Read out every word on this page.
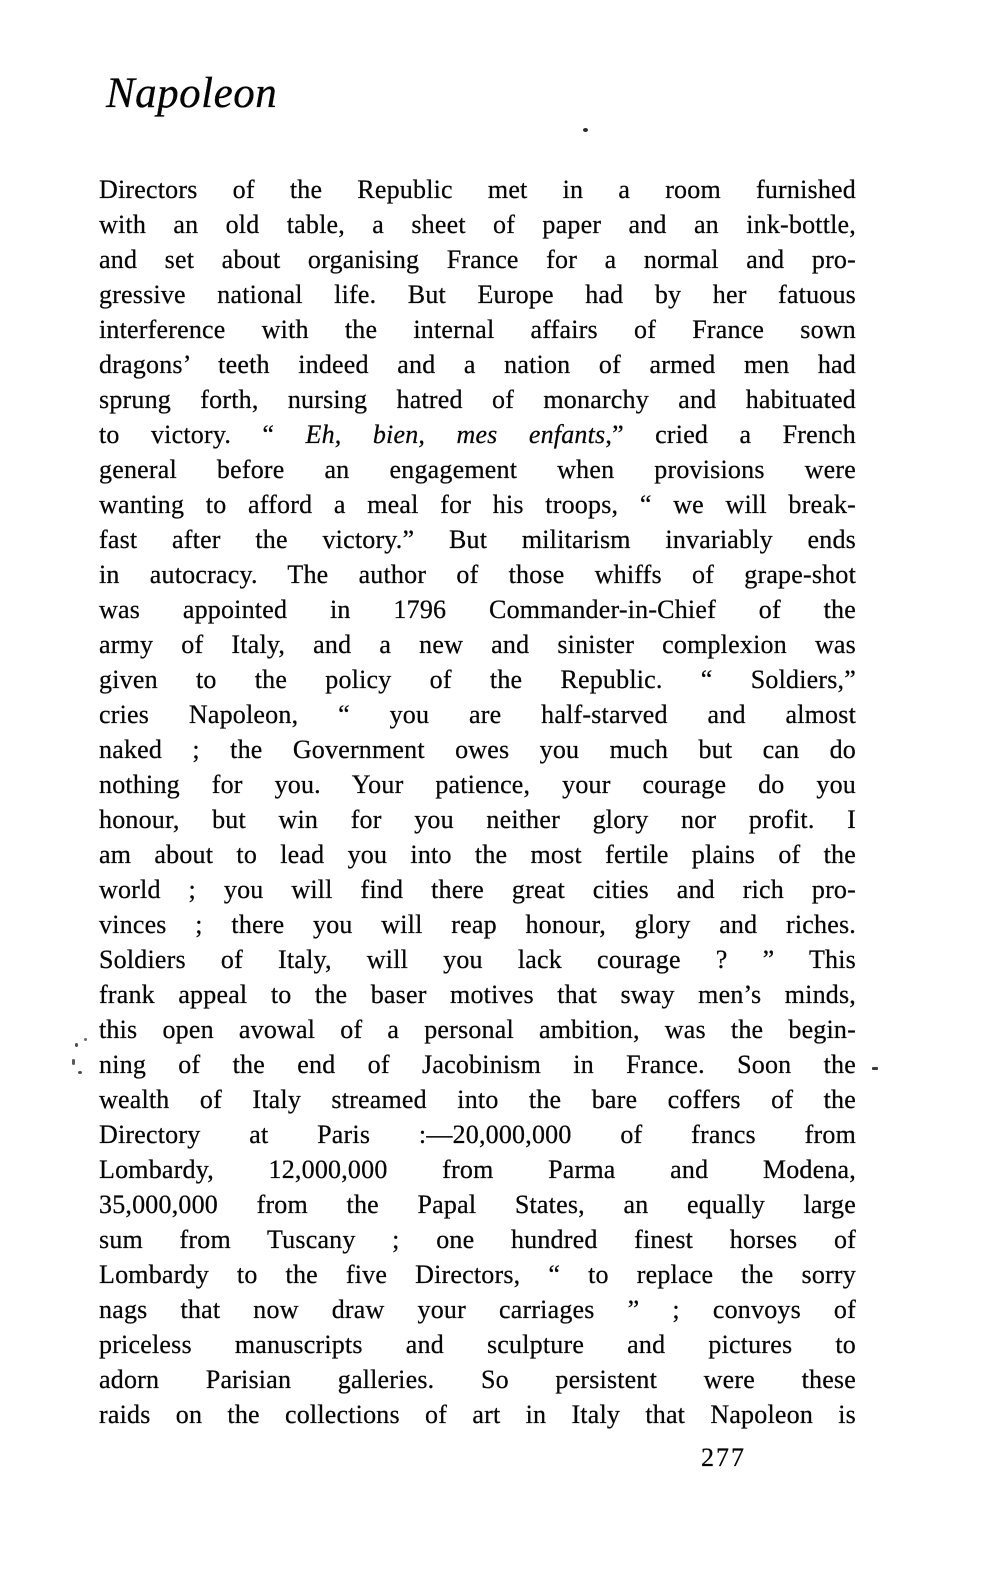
Napoleon
Directors of the Republic met in a room furnished
with an old table, a sheet of paper and an ink-bottle,
and set about organising France for a normal and pro-
gressive national life. But Europe had by her fatuous
interference with the internal affairs of France sown
dragons’ teeth indeed and a nation of armed men had
sprung forth, nursing hatred of monarchy and habituated
to victory. “ Eh, bien, mes enfants,” cried a French
general before an engagement when provisions were
wanting to afford a meal for his troops, “ we will break-
fast after the victory.” But militarism invariably ends
in autocracy. The author of those whiffs of grape-shot
was appointed in 1796 Commander-in-Chief of the
army of Italy, and a new and sinister complexion was
given to the policy of the Republic. “ Soldiers,”
cries Napoleon, “ you are half-starved and almost
naked ; the Government owes you much but can do
nothing for you. Your patience, your courage do you
honour, but win for you neither glory nor profit. I
am about to lead you into the most fertile plains of the
world ; you will find there great cities and rich pro-
vinces ; there you will reap honour, glory and riches.
Soldiers of Italy, will you lack courage ? ” This
frank appeal to the baser motives that sway men’s minds,
this open avowal of a personal ambition, was the begin-
ning of the end of Jacobinism in France. Soon the
wealth of Italy streamed into the bare coffers of the
Directory at Paris :—20,000,000 of francs from
Lombardy, 12,000,000 from Parma and Modena,
35,000,000 from the Papal States, an equally large
sum from Tuscany ; one hundred finest horses of
Lombardy to the five Directors, “ to replace the sorry
nags that now draw your carriages ” ; convoys of
priceless manuscripts and sculpture and pictures to
adorn Parisian galleries. So persistent were these
raids on the collections of art in Italy that Napoleon is
277
